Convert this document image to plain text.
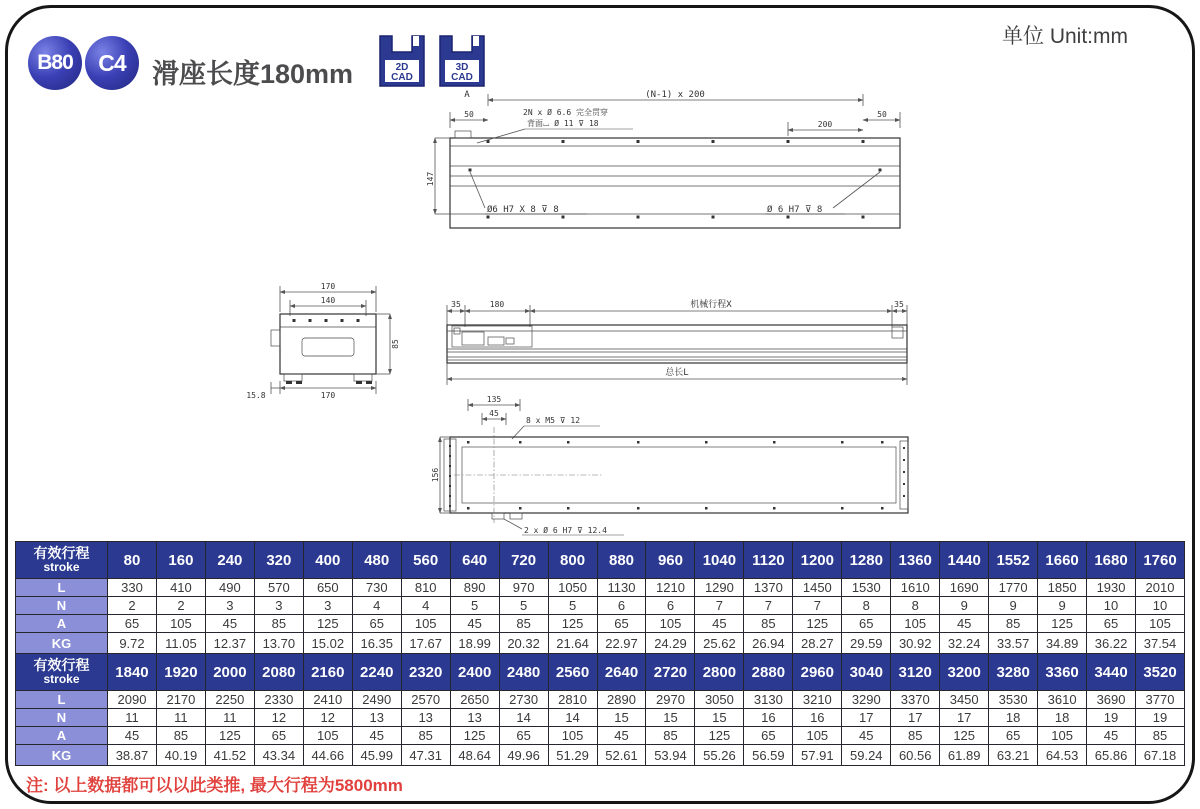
B80	C4 滑座长度180mm
单位 Unit:mm
2D
CAD
3D
CAD
(N-1) x 200
A
50	50
200
2N x Ø 6.6 完全贯穿
背面⌴ Ø 11 ⊽ 18
147
Ø6 H7 X 8 ⊽ 8	Ø 6 H7 ⊽ 8
170
140
85
170
15.8
35	180	机械行程X	35
总长L
135
45
8 x M5 ⊽ 12
156
2 x Ø 6 H7 ⊽ 12.4
有效行程
stroke	80	160	240	320	400	480	560	640	720	800	880	960	1040	1120	1200	1280	1360	1440	1552	1660	1680	1760
L	330	410	490	570	650	730	810	890	970	1050	1130	1210	1290	1370	1450	1530	1610	1690	1770	1850	1930	2010
N	2	2	3	3	3	4	4	5	5	5	6	6	7	7	7	8	8	9	9	9	10	10
A	65	105	45	85	125	65	105	45	85	125	65	105	45	85	125	65	105	45	85	125	65	105
KG	9.72	11.05	12.37	13.70	15.02	16.35	17.67	18.99	20.32	21.64	22.97	24.29	25.62	26.94	28.27	29.59	30.92	32.24	33.57	34.89	36.22	37.54
有效行程
stroke	1840	1920	2000	2080	2160	2240	2320	2400	2480	2560	2640	2720	2800	2880	2960	3040	3120	3200	3280	3360	3440	3520
L	2090	2170	2250	2330	2410	2490	2570	2650	2730	2810	2890	2970	3050	3130	3210	3290	3370	3450	3530	3610	3690	3770
N	11	11	11	12	12	13	13	13	14	14	15	15	15	16	16	17	17	17	18	18	19	19
A	45	85	125	65	105	45	85	125	65	105	45	85	125	65	105	45	85	125	65	105	45	85
KG	38.87	40.19	41.52	43.34	44.66	45.99	47.31	48.64	49.96	51.29	52.61	53.94	55.26	56.59	57.91	59.24	60.56	61.89	63.21	64.53	65.86	67.18
注: 以上数据都可以以此类推, 最大行程为5800mm
